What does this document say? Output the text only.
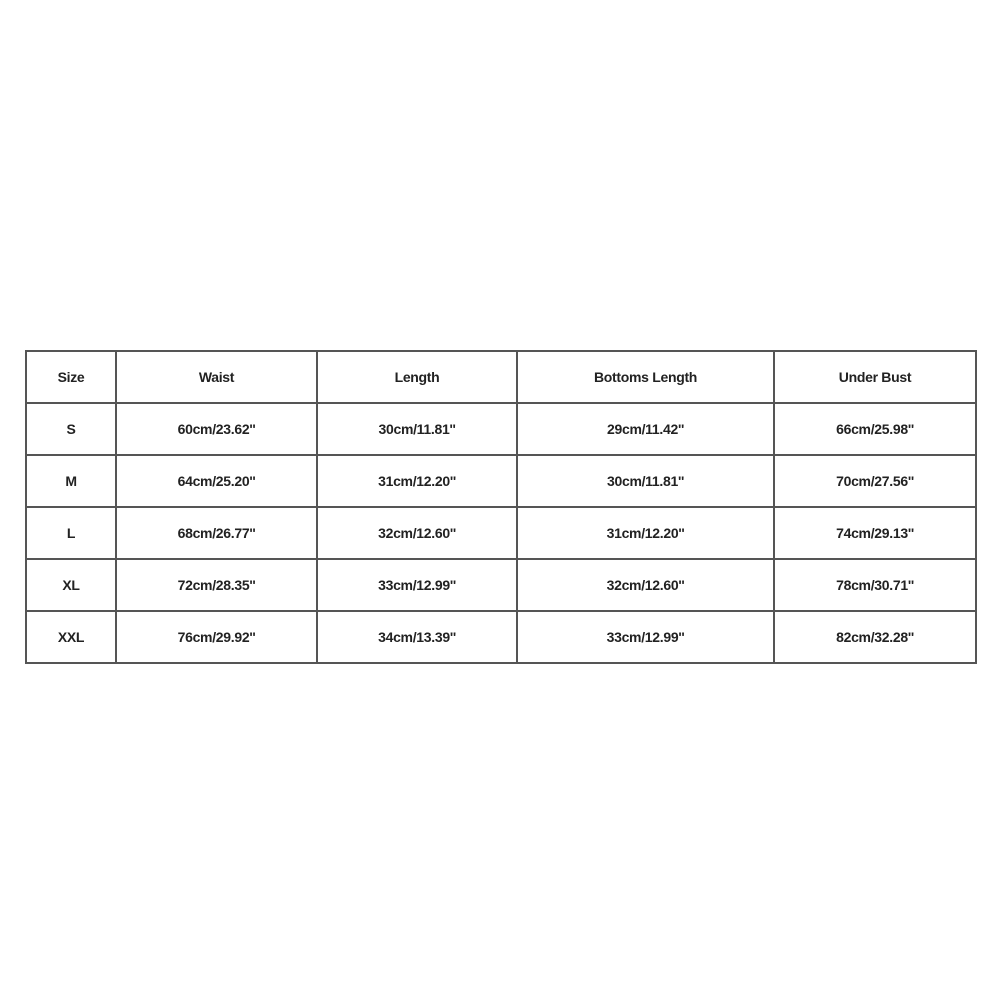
Size	Waist	Length	Bottoms Length	Under Bust
S	60cm/23.62''	30cm/11.81''	29cm/11.42''	66cm/25.98''
M	64cm/25.20''	31cm/12.20''	30cm/11.81''	70cm/27.56''
L	68cm/26.77''	32cm/12.60''	31cm/12.20''	74cm/29.13''
XL	72cm/28.35''	33cm/12.99''	32cm/12.60''	78cm/30.71''
XXL	76cm/29.92''	34cm/13.39''	33cm/12.99''	82cm/32.28''
